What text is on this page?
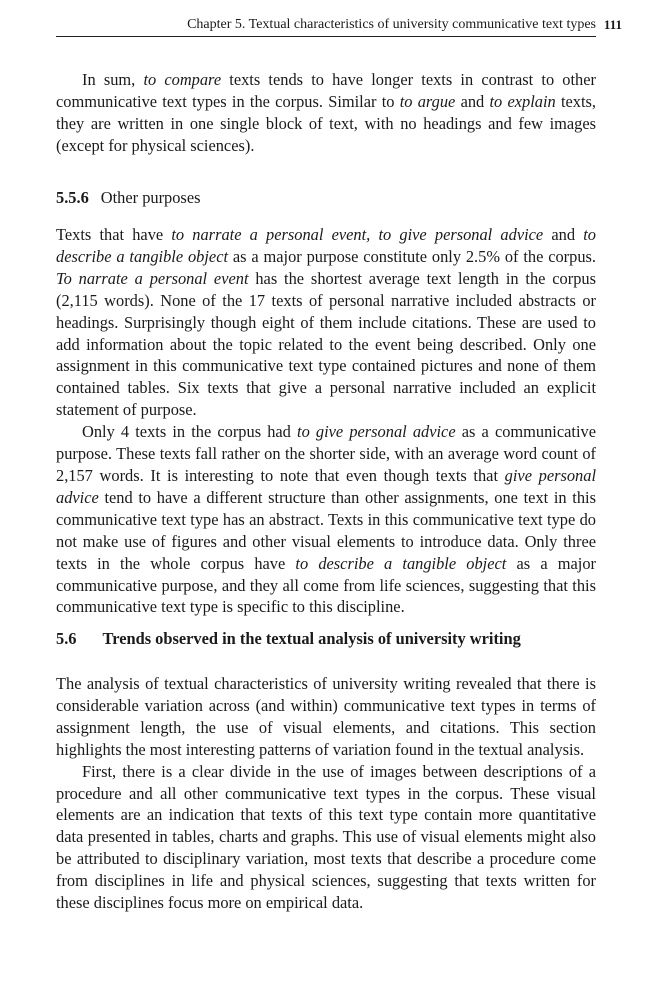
Chapter 5. Textual characteristics of university communicative text types 111

In sum, to compare texts tends to have longer texts in contrast to other communicative text types in the corpus. Similar to to argue and to explain texts, they are written in one single block of text, with no headings and few images (except for physical sciences).

5.5.6 Other purposes

Texts that have to narrate a personal event, to give personal advice and to describe a tangible object as a major purpose constitute only 2.5% of the corpus. To narrate a personal event has the shortest average text length in the corpus (2,115 words). None of the 17 texts of personal narrative included abstracts or headings. Surprisingly though eight of them include citations. These are used to add information about the topic related to the event being described. Only one assignment in this communicative text type contained pictures and none of them contained tables. Six texts that give a personal narrative included an explicit statement of purpose.

Only 4 texts in the corpus had to give personal advice as a communicative purpose. These texts fall rather on the shorter side, with an average word count of 2,157 words. It is interesting to note that even though texts that give personal advice tend to have a different structure than other assignments, one text in this communicative text type has an abstract. Texts in this communicative text type do not make use of figures and other visual elements to introduce data. Only three texts in the whole corpus have to describe a tangible object as a major communicative purpose, and they all come from life sciences, suggesting that this communicative text type is specific to this discipline.

5.6 Trends observed in the textual analysis of university writing

The analysis of textual characteristics of university writing revealed that there is considerable variation across (and within) communicative text types in terms of assignment length, the use of visual elements, and citations. This section highlights the most interesting patterns of variation found in the textual analysis.

First, there is a clear divide in the use of images between descriptions of a procedure and all other communicative text types in the corpus. These visual elements are an indication that texts of this text type contain more quantitative data presented in tables, charts and graphs. This use of visual elements might also be attributed to disciplinary variation, most texts that describe a procedure come from disciplines in life and physical sciences, suggesting that texts written for these disciplines focus more on empirical data.
